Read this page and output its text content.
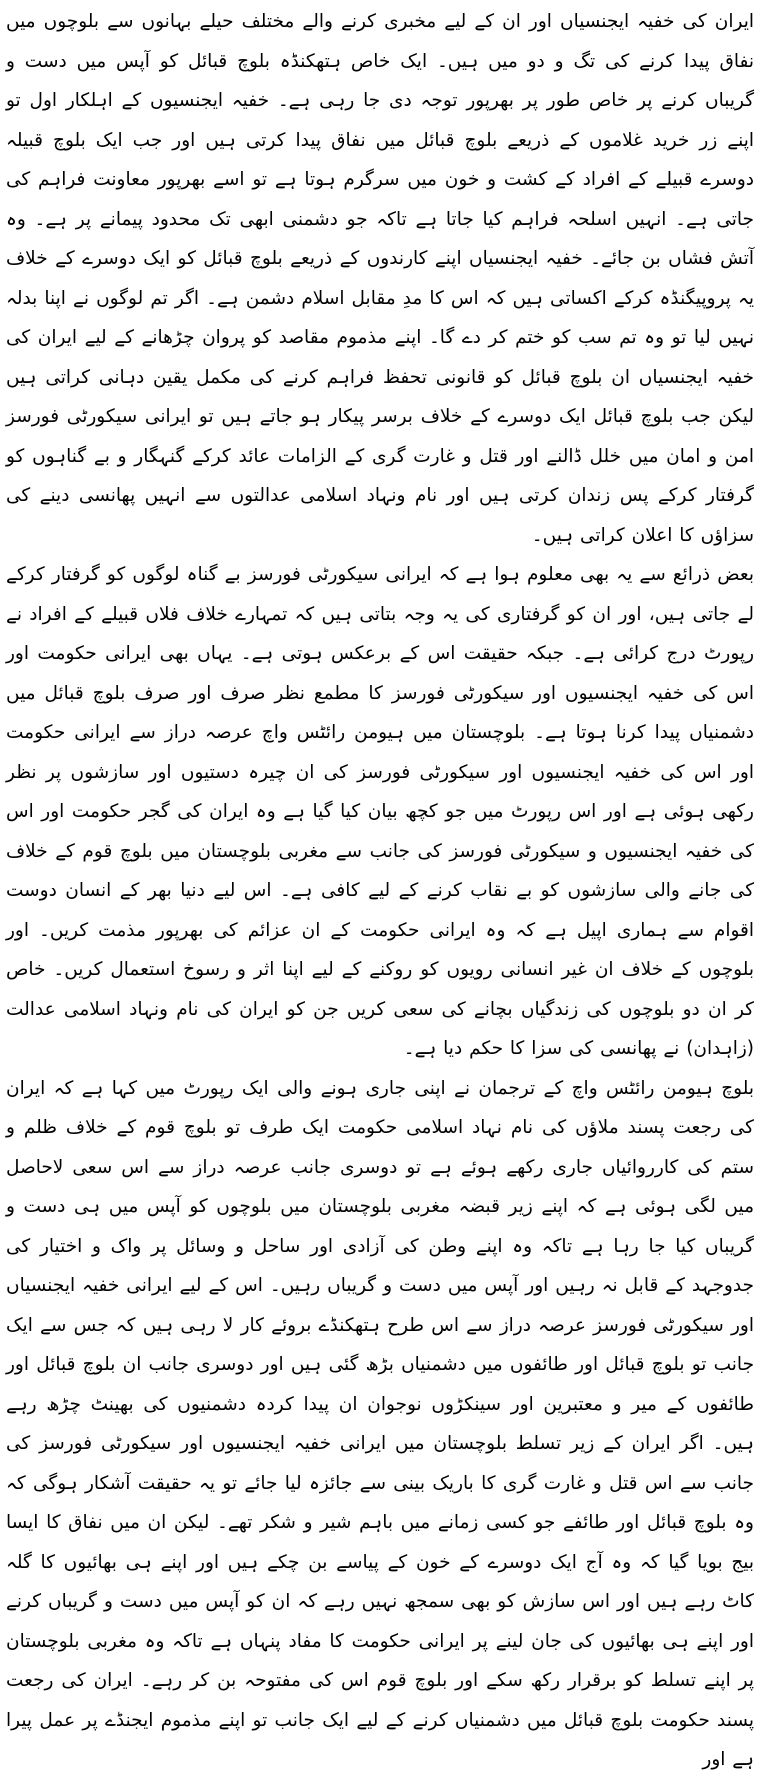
ایران کی خفیہ ایجنسیاں اور ان کے لیے مخبری کرنے والے مختلف حیلے بہانوں سے بلوچوں میں نفاق پیدا کرنے کی تگ و دو میں ہیں۔ ایک خاص ہتھکنڈہ بلوچ قبائل کو آپس میں دست و گریباں کرنے پر خاص طور پر بھرپور توجہ دی جا رہی ہے۔ خفیہ ایجنسیوں کے اہلکار اول تو اپنے زر خرید غلاموں کے ذریعے بلوچ قبائل میں نفاق پیدا کرتی ہیں اور جب ایک بلوچ قبیلہ دوسرے قبیلے کے افراد کے کشت و خون میں سرگرم ہوتا ہے تو اسے بھرپور معاونت فراہم کی جاتی ہے۔ انہیں اسلحہ فراہم کیا جاتا ہے تاکہ جو دشمنی ابھی تک محدود پیمانے پر ہے۔ وہ آتش فشاں بن جائے۔ خفیہ ایجنسیاں اپنے کارندوں کے ذریعے بلوچ قبائل کو ایک دوسرے کے خلاف یہ پروپیگنڈہ کرکے اکساتی ہیں کہ اس کا مدِ مقابل اسلام دشمن ہے۔ اگر تم لوگوں نے اپنا بدلہ نہیں لیا تو وہ تم سب کو ختم کر دے گا۔ اپنے مذموم مقاصد کو پروان چڑھانے کے لیے ایران کی خفیہ ایجنسیاں ان بلوچ قبائل کو قانونی تحفظ فراہم کرنے کی مکمل یقین دہانی کراتی ہیں لیکن جب بلوچ قبائل ایک دوسرے کے خلاف برسر پیکار ہو جاتے ہیں تو ایرانی سیکورٹی فورسز امن و امان میں خلل ڈالنے اور قتل و غارت گری کے الزامات عائد کرکے گنہگار و بے گناہوں کو گرفتار کرکے پس زندان کرتی ہیں اور نام ونہاد اسلامی عدالتوں سے انہیں پھانسی دینے کی سزاؤں کا اعلان کراتی ہیں۔

بعض ذرائع سے یہ بھی معلوم ہوا ہے کہ ایرانی سیکورٹی فورسز بے گناہ لوگوں کو گرفتار کرکے لے جاتی ہیں، اور ان کو گرفتاری کی یہ وجہ بتاتی ہیں کہ تمہارے خلاف فلاں قبیلے کے افراد نے رپورٹ درج کرائی ہے۔ جبکہ حقیقت اس کے برعکس ہوتی ہے۔ یہاں بھی ایرانی حکومت اور اس کی خفیہ ایجنسیوں اور سیکورٹی فورسز کا مطمع نظر صرف اور صرف بلوچ قبائل میں دشمنیاں پیدا کرنا ہوتا ہے۔ بلوچستان میں ہیومن رائٹس واچ عرصہ دراز سے ایرانی حکومت اور اس کی خفیہ ایجنسیوں اور سیکورٹی فورسز کی ان چیرہ دستیوں اور سازشوں پر نظر رکھی ہوئی ہے اور اس رپورٹ میں جو کچھ بیان کیا گیا ہے وہ ایران کی گجر حکومت اور اس کی خفیہ ایجنسیوں و سیکورٹی فورسز کی جانب سے مغربی بلوچستان میں بلوچ قوم کے خلاف کی جانے والی سازشوں کو بے نقاب کرنے کے لیے کافی ہے۔ اس لیے دنیا بھر کے انسان دوست اقوام سے ہماری اپیل ہے کہ وہ ایرانی حکومت کے ان عزائم کی بھرپور مذمت کریں۔ اور بلوچوں کے خلاف ان غیر انسانی رویوں کو روکنے کے لیے اپنا اثر و رسوخ استعمال کریں۔ خاص کر ان دو بلوچوں کی زندگیاں بچانے کی سعی کریں جن کو ایران کی نام ونہاد اسلامی عدالت (زاہدان) نے پھانسی کی سزا کا حکم دیا ہے۔

بلوچ ہیومن رائٹس واچ کے ترجمان نے اپنی جاری ہونے والی ایک رپورٹ میں کہا ہے کہ ایران کی رجعت پسند ملاؤں کی نام نہاد اسلامی حکومت ایک طرف تو بلوچ قوم کے خلاف ظلم و ستم کی کارروائیاں جاری رکھے ہوئے ہے تو دوسری جانب عرصہ دراز سے اس سعی لاحاصل میں لگی ہوئی ہے کہ اپنے زیر قبضہ مغربی بلوچستان میں بلوچوں کو آپس میں ہی دست و گریباں کیا جا رہا ہے تاکہ وہ اپنے وطن کی آزادی اور ساحل و وسائل پر واک و اختیار کی جدوجہد کے قابل نہ رہیں اور آپس میں دست و گریباں رہیں۔ اس کے لیے ایرانی خفیہ ایجنسیاں اور سیکورٹی فورسز عرصہ دراز سے اس طرح ہتھکنڈے بروئے کار لا رہی ہیں کہ جس سے ایک جانب تو بلوچ قبائل اور طائفوں میں دشمنیاں بڑھ گئی ہیں اور دوسری جانب ان بلوچ قبائل اور طائفوں کے میر و معتبرین اور سینکڑوں نوجوان ان پیدا کردہ دشمنیوں کی بھینٹ چڑھ رہے ہیں۔ اگر ایران کے زیر تسلط بلوچستان میں ایرانی خفیہ ایجنسیوں اور سیکورٹی فورسز کی جانب سے اس قتل و غارت گری کا باریک بینی سے جائزہ لیا جائے تو یہ حقیقت آشکار ہوگی کہ وہ بلوچ قبائل اور طائفے جو کسی زمانے میں باہم شیر و شکر تھے۔ لیکن ان میں نفاق کا ایسا بیج بویا گیا کہ وہ آج ایک دوسرے کے خون کے پیاسے بن چکے ہیں اور اپنے ہی بھائیوں کا گلہ کاٹ رہے ہیں اور اس سازش کو بھی سمجھ نہیں رہے کہ ان کو آپس میں دست و گریباں کرنے اور اپنے ہی بھائیوں کی جان لینے پر ایرانی حکومت کا مفاد پنہاں ہے تاکہ وہ مغربی بلوچستان پر اپنے تسلط کو برقرار رکھ سکے اور بلوچ قوم اس کی مفتوحہ بن کر رہے۔ ایران کی رجعت پسند حکومت بلوچ قبائل میں دشمنیاں کرنے کے لیے ایک جانب تو اپنے مذموم ایجنڈے پر عمل پیرا ہے اور
